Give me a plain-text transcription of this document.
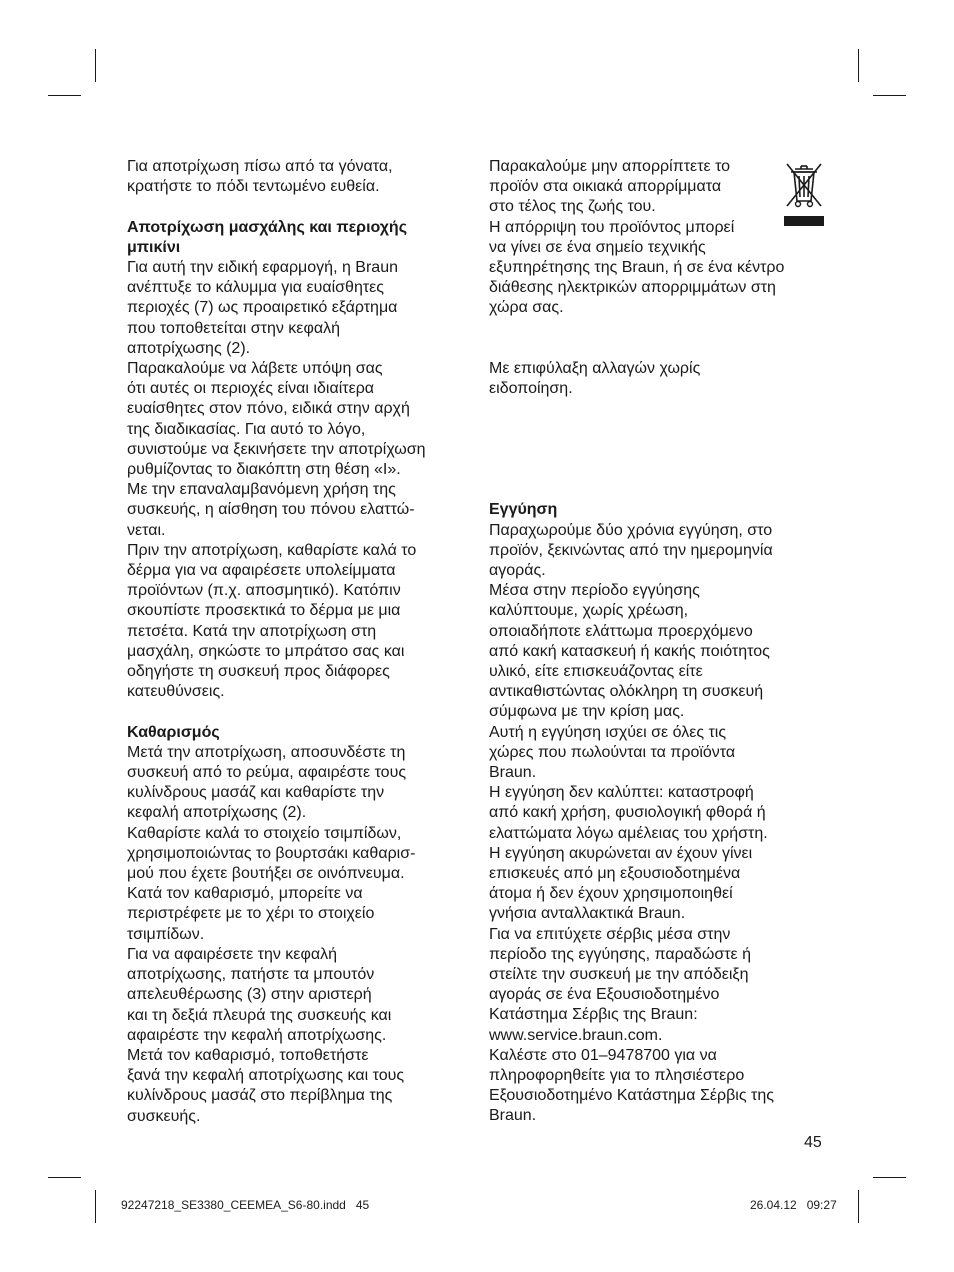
Για αποτρίχωση πίσω από τα γόνατα,
κρατήστε το πόδι τεντωμένο ευθεία.

Αποτρίχωση μασχάλης και περιοχής
μπικίνι

Για αυτή την ειδική εφαρμογή, η Braun
ανέπτυξε το κάλυμμα για ευαίσθητες
περιοχές (7) ως προαιρετικό εξάρτημα
που τοποθετείται στην κεφαλή
αποτρίχωσης (2).
Παρακαλούμε να λάβετε υπόψη σας
ότι αυτές οι περιοχές είναι ιδιαίτερα
ευαίσθητες στον πόνο, ειδικά στην αρχή
της διαδικασίας. Για αυτό το λόγο,
συνιστούμε να ξεκινήσετε την αποτρίχωση
ρυθμίζοντας το διακόπτη στη θέση «I».
Με την επαναλαμβανόμενη χρήση της
συσκευής, η αίσθηση του πόνου ελαττώ-
νεται.
Πριν την αποτρίχωση, καθαρίστε καλά το
δέρμα για να αφαιρέσετε υπολείμματα
προϊόντων (π.χ. αποσμητικό). Κατόπιν
σκουπίστε προσεκτικά το δέρμα με μια
πετσέτα. Κατά την αποτρίχωση στη
μασχάλη, σηκώστε το μπράτσο σας και
οδηγήστε τη συσκευή προς διάφορες
κατευθύνσεις.

Καθαρισμός

Μετά την αποτρίχωση, αποσυνδέστε τη
συσκευή από το ρεύμα, αφαιρέστε τους
κυλίνδρους μασάζ και καθαρίστε την
κεφαλή αποτρίχωσης (2).
Καθαρίστε καλά το στοιχείο τσιμπίδων,
χρησιμοποιώντας το βουρτσάκι καθαρισ-
μού που έχετε βουτήξει σε οινόπνευμα.
Κατά τον καθαρισμό, μπορείτε να
περιστρέφετε με το χέρι το στοιχείο
τσιμπίδων.
Για να αφαιρέσετε την κεφαλή
αποτρίχωσης, πατήστε τα μπουτόν
απελευθέρωσης (3) στην αριστερή
και τη δεξιά πλευρά της συσκευής και
αφαιρέστε την κεφαλή αποτρίχωσης.
Μετά τον καθαρισμό, τοποθετήστε
ξανά την κεφαλή αποτρίχωσης και τους
κυλίνδρους μασάζ στο περίβλημα της
συσκευής.

Παρακαλούμε μην απορρίπτετε το
προϊόν στα οικιακά απορρίμματα
στο τέλος της ζωής του.
Η απόρριψη του προϊόντος μπορεί
να γίνει σε ένα σημείο τεχνικής
εξυπηρέτησης της Braun, ή σε ένα κέντρο
διάθεσης ηλεκτρικών απορριμμάτων στη
χώρα σας.

Με επιφύλαξη αλλαγών χωρίς
ειδοποίηση.

Εγγύηση

Παραχωρούμε δύο χρόνια εγγύηση, στο
προϊόν, ξεκινώντας από την ημερομηνία
αγοράς.
Μέσα στην περίοδο εγγύησης
καλύπτουμε, χωρίς χρέωση,
οποιαδήποτε ελάττωμα προερχόμενο
από κακή κατασκευή ή κακής ποιότητος
υλικό, είτε επισκευάζοντας είτε
αντικαθιστώντας ολόκληρη τη συσκευή
σύμφωνα με την κρίση μας.
Αυτή η εγγύηση ισχύει σε όλες τις
χώρες που πωλούνται τα προϊόντα
Braun.
Η εγγύηση δεν καλύπτει: καταστροφή
από κακή χρήση, φυσιολογική φθορά ή
ελαττώματα λόγω αμέλειας του χρήστη.
Η εγγύηση ακυρώνεται αν έχουν γίνει
επισκευές από μη εξουσιοδοτημένα
άτομα ή δεν έχουν χρησιμοποιηθεί
γνήσια ανταλλακτικά Braun.
Για να επιτύχετε σέρβις μέσα στην
περίοδο της εγγύησης, παραδώστε ή
στείλτε την συσκευή με την απόδειξη
αγοράς σε ένα Εξουσιοδοτημένο
Κατάστημα Σέρβις της Braun:
www.service.braun.com.
Καλέστε στο 01–9478700 για να
πληροφορηθείτε για το πλησιέστερο
Εξουσιοδοτημένο Κατάστημα Σέρβις της
Braun.

45
92247218_SE3380_CEEMEA_S6-80.indd   45	26.04.12   09:27
